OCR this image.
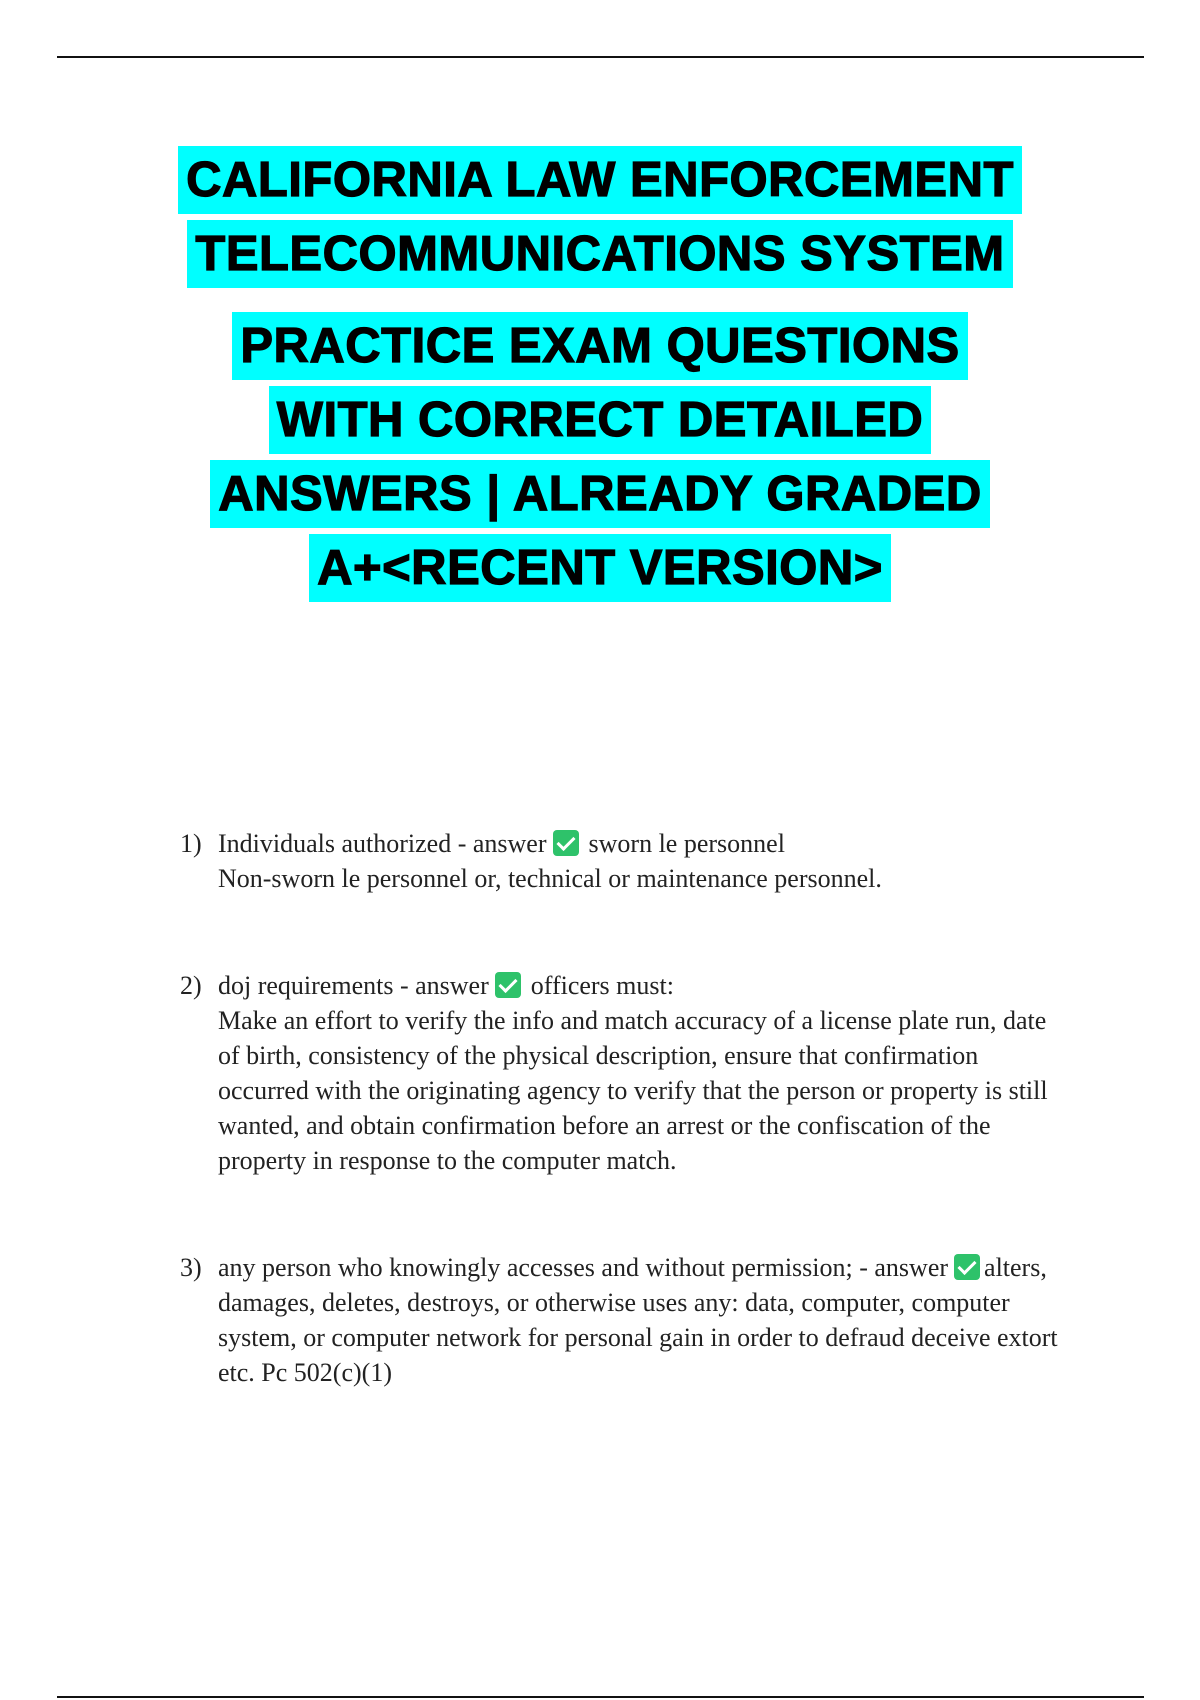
CALIFORNIA LAW ENFORCEMENT
TELECOMMUNICATIONS SYSTEM
PRACTICE EXAM QUESTIONS
WITH CORRECT DETAILED
ANSWERS | ALREADY GRADED
A+<RECENT VERSION>
1) Individuals authorized - answer sworn le personnel
Non-sworn le personnel or, technical or maintenance personnel.
2) doj requirements - answer officers must:
Make an effort to verify the info and match accuracy of a license plate run, date of birth, consistency of the physical description, ensure that confirmation occurred with the originating agency to verify that the person or property is still wanted, and obtain confirmation before an arrest or the confiscation of the property in response to the computer match.
3) any person who knowingly accesses and without permission; - answer alters, damages, deletes, destroys, or otherwise uses any: data, computer, computer system, or computer network for personal gain in order to defraud deceive extort etc. Pc 502(c)(1)
